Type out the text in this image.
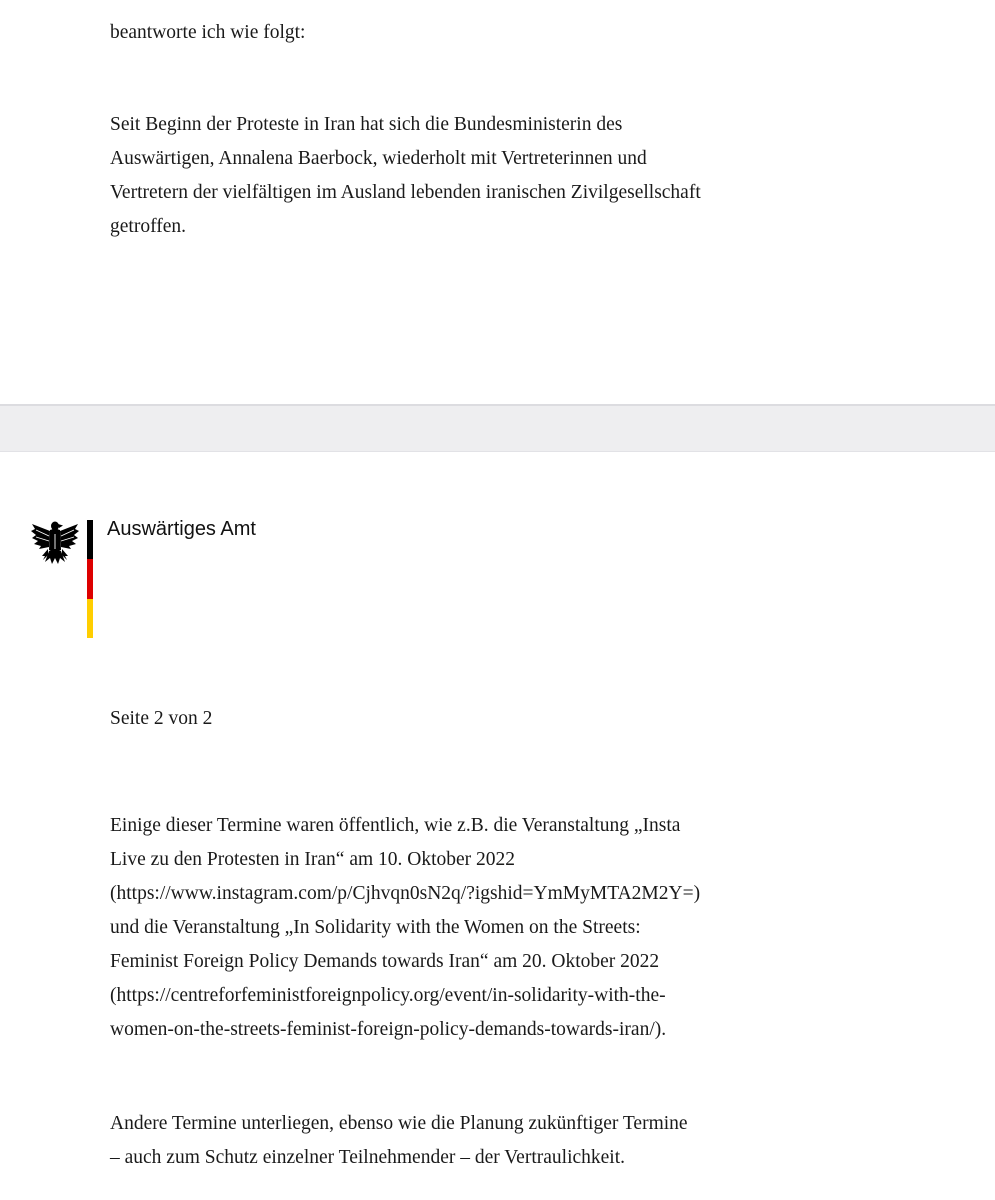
beantworte ich wie folgt:

Seit Beginn der Proteste in Iran hat sich die Bundesministerin des
Auswärtigen, Annalena Baerbock, wiederholt mit Vertreterinnen und
Vertretern der vielfältigen im Ausland lebenden iranischen Zivilgesellschaft
getroffen.

Auswärtiges Amt

Seite 2 von 2

Einige dieser Termine waren öffentlich, wie z.B. die Veranstaltung „Insta
Live zu den Protesten in Iran“ am 10. Oktober 2022
(https://www.instagram.com/p/Cjhvqn0sN2q/?igshid=YmMyMTA2M2Y=)
und die Veranstaltung „In Solidarity with the Women on the Streets:
Feminist Foreign Policy Demands towards Iran“ am 20. Oktober 2022
(https://centreforfeministforeignpolicy.org/event/in-solidarity-with-the-
women-on-the-streets-feminist-foreign-policy-demands-towards-iran/).

Andere Termine unterliegen, ebenso wie die Planung zukünftiger Termine
– auch zum Schutz einzelner Teilnehmender – der Vertraulichkeit.
